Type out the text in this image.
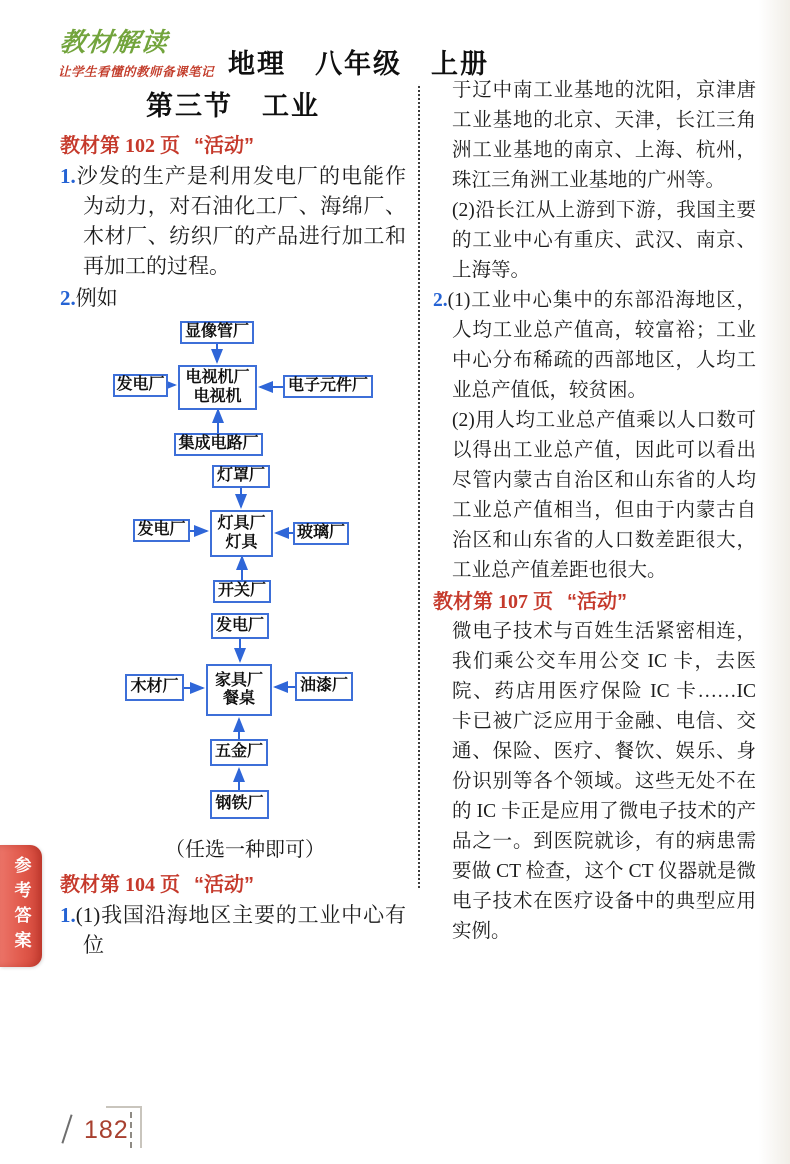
教材解读
让学生看懂的教师备课笔记 地理　八年级　上册
第三节　工业
教材第 102 页 “活动”
1.沙发的生产是利用发电厂的电能作为动力，对石油化工厂、海绵厂、木材厂、纺织厂的产品进行加工和再加工的过程。
2.例如
显像管厂
电视机厂
电视机
发电厂	电子元件厂
集成电路厂
灯罩厂
灯具厂
灯具
发电厂	玻璃厂
开关厂
发电厂
家具厂
餐桌
木材厂	油漆厂
五金厂
钢铁厂
（任选一种即可）
教材第 104 页 “活动”
1.(1)我国沿海地区主要的工业中心有位
于辽中南工业基地的沈阳，京津唐工业基地的北京、天津，长江三角洲工业基地的南京、上海、杭州，珠江三角洲工业基地的广州等。
(2)沿长江从上游到下游，我国主要的工业中心有重庆、武汉、南京、上海等。
2.(1)工业中心集中的东部沿海地区，人均工业总产值高，较富裕；工业中心分布稀疏的西部地区，人均工业总产值低，较贫困。
(2)用人均工业总产值乘以人口数可以得出工业总产值，因此可以看出尽管内蒙古自治区和山东省的人均工业总产值相当，但由于内蒙古自治区和山东省的人口数差距很大，工业总产值差距也很大。
教材第 107 页 “活动”
微电子技术与百姓生活紧密相连，我们乘公交车用公交 IC 卡，去医院、药店用医疗保险 IC 卡……IC 卡已被广泛应用于金融、电信、交通、保险、医疗、餐饮、娱乐、身份识别等各个领域。这些无处不在的 IC 卡正是应用了微电子技术的产品之一。到医院就诊，有的病患需要做 CT 检查，这个 CT 仪器就是微电子技术在医疗设备中的典型应用实例。
参考答案
182
